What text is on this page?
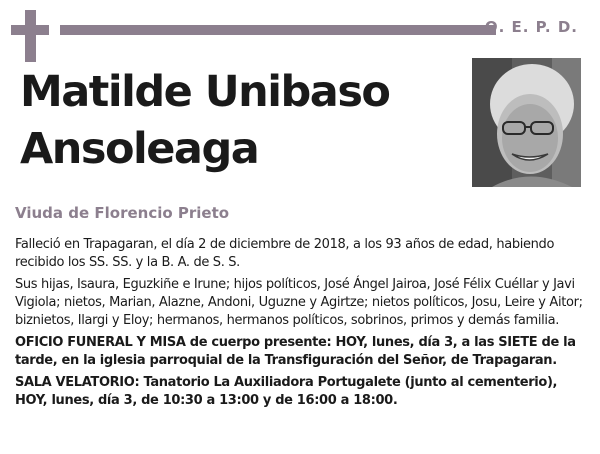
Q. E. P. D.
Matilde Unibaso
Ansoleaga
Viuda de Florencio Prieto

Falleció en Trapagaran, el día 2 de diciembre de 2018, a los 93 años de edad, habiendo recibido los SS. SS. y la B. A. de S. S.

Sus hijas, Isaura, Eguzkiñe e Irune; hijos políticos, José Ángel Jairoa, José Félix Cuéllar y Javi Vigiola; nietos, Marian, Alazne, Andoni, Uguzne y Agirtze; nietos políticos, Josu, Leire y Aitor; biznietos, Ilargi y Eloy; hermanos, hermanos políticos, sobrinos, primos y demás familia.

OFICIO FUNERAL Y MISA de cuerpo presente: HOY, lunes, día 3, a las SIETE de la tarde, en la iglesia parroquial de la Transfiguración del Señor, de Trapagaran.

SALA VELATORIO: Tanatorio La Auxiliadora Portugalete (junto al cementerio), HOY, lunes, día 3, de 10:30 a 13:00 y de 16:00 a 18:00.
